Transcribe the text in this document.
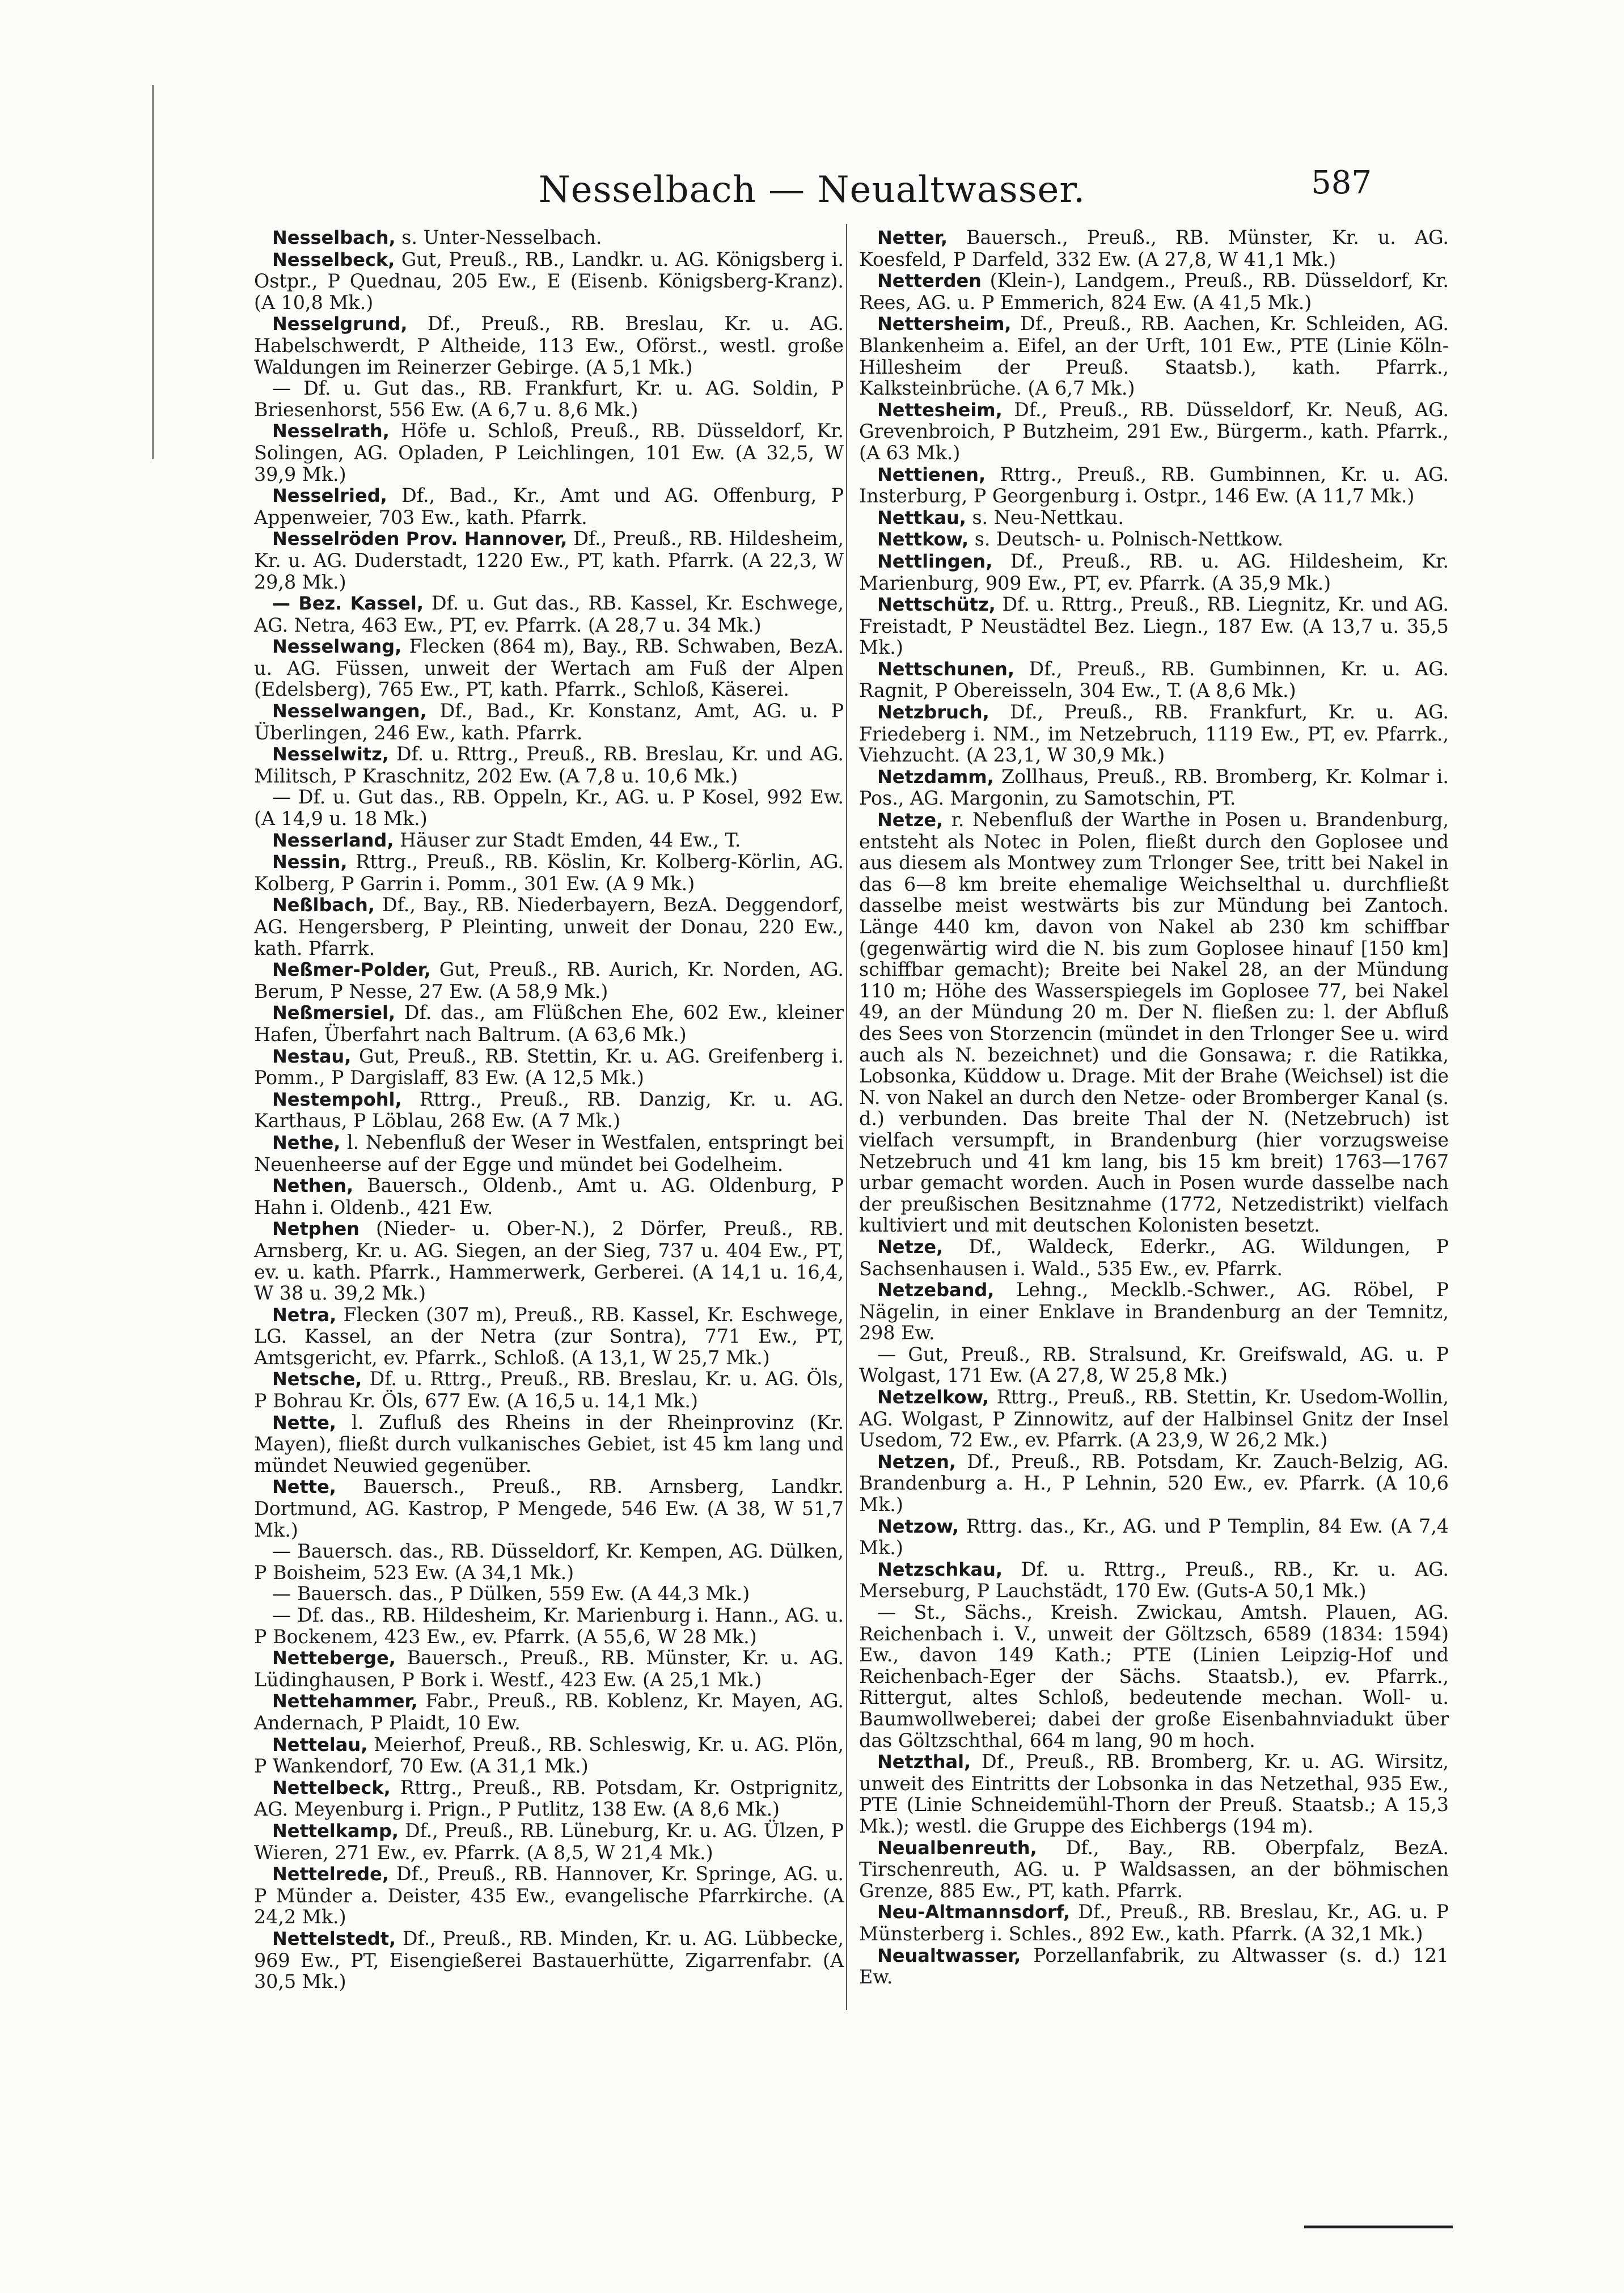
Nesselbach — Neualtwasser.	587

Nesselbach, s. Unter-Nesselbach.

Nesselbeck, Gut, Preuß., RB., Landkr. u. AG. Königsberg i. Ostpr., P Quednau, 205 Ew., E (Eisenb. Königsberg-Kranz). (A 10,8 Mk.)

Nesselgrund, Df., Preuß., RB. Breslau, Kr. u. AG. Habelschwerdt, P Altheide, 113 Ew., Oförst., westl. große Waldungen im Reinerzer Gebirge. (A 5,1 Mk.)

— Df. u. Gut das., RB. Frankfurt, Kr. u. AG. Soldin, P Briesenhorst, 556 Ew. (A 6,7 u. 8,6 Mk.)

Nesselrath, Höfe u. Schloß, Preuß., RB. Düsseldorf, Kr. Solingen, AG. Opladen, P Leichlingen, 101 Ew. (A 32,5, W 39,9 Mk.)

Nesselried, Df., Bad., Kr., Amt und AG. Offenburg, P Appenweier, 703 Ew., kath. Pfarrk.

Nesselröden Prov. Hannover, Df., Preuß., RB. Hildesheim, Kr. u. AG. Duderstadt, 1220 Ew., PT, kath. Pfarrk. (A 22,3, W 29,8 Mk.)

— Bez. Kassel, Df. u. Gut das., RB. Kassel, Kr. Eschwege, AG. Netra, 463 Ew., PT, ev. Pfarrk. (A 28,7 u. 34 Mk.)

Nesselwang, Flecken (864 m), Bay., RB. Schwaben, BezA. u. AG. Füssen, unweit der Wertach am Fuß der Alpen (Edelsberg), 765 Ew., PT, kath. Pfarrk., Schloß, Käserei.

Nesselwangen, Df., Bad., Kr. Konstanz, Amt, AG. u. P Überlingen, 246 Ew., kath. Pfarrk.

Nesselwitz, Df. u. Rttrg., Preuß., RB. Breslau, Kr. und AG. Militsch, P Kraschnitz, 202 Ew. (A 7,8 u. 10,6 Mk.)

— Df. u. Gut das., RB. Oppeln, Kr., AG. u. P Kosel, 992 Ew. (A 14,9 u. 18 Mk.)

Nesserland, Häuser zur Stadt Emden, 44 Ew., T.

Nessin, Rttrg., Preuß., RB. Köslin, Kr. Kolberg-Körlin, AG. Kolberg, P Garrin i. Pomm., 301 Ew. (A 9 Mk.)

Neßlbach, Df., Bay., RB. Niederbayern, BezA. Deggendorf, AG. Hengersberg, P Pleinting, unweit der Donau, 220 Ew., kath. Pfarrk.

Neßmer-Polder, Gut, Preuß., RB. Aurich, Kr. Norden, AG. Berum, P Nesse, 27 Ew. (A 58,9 Mk.)

Neßmersiel, Df. das., am Flüßchen Ehe, 602 Ew., kleiner Hafen, Überfahrt nach Baltrum. (A 63,6 Mk.)

Nestau, Gut, Preuß., RB. Stettin, Kr. u. AG. Greifenberg i. Pomm., P Dargislaff, 83 Ew. (A 12,5 Mk.)

Nestempohl, Rttrg., Preuß., RB. Danzig, Kr. u. AG. Karthaus, P Löblau, 268 Ew. (A 7 Mk.)

Nethe, l. Nebenfluß der Weser in Westfalen, entspringt bei Neuenheerse auf der Egge und mündet bei Godelheim.

Nethen, Bauersch., Oldenb., Amt u. AG. Oldenburg, P Hahn i. Oldenb., 421 Ew.

Netphen (Nieder- u. Ober-N.), 2 Dörfer, Preuß., RB. Arnsberg, Kr. u. AG. Siegen, an der Sieg, 737 u. 404 Ew., PT, ev. u. kath. Pfarrk., Hammerwerk, Gerberei. (A 14,1 u. 16,4, W 38 u. 39,2 Mk.)

Netra, Flecken (307 m), Preuß., RB. Kassel, Kr. Eschwege, LG. Kassel, an der Netra (zur Sontra), 771 Ew., PT, Amtsgericht, ev. Pfarrk., Schloß. (A 13,1, W 25,7 Mk.)

Netsche, Df. u. Rttrg., Preuß., RB. Breslau, Kr. u. AG. Öls, P Bohrau Kr. Öls, 677 Ew. (A 16,5 u. 14,1 Mk.)

Nette, l. Zufluß des Rheins in der Rheinprovinz (Kr. Mayen), fließt durch vulkanisches Gebiet, ist 45 km lang und mündet Neuwied gegenüber.

Nette, Bauersch., Preuß., RB. Arnsberg, Landkr. Dortmund, AG. Kastrop, P Mengede, 546 Ew. (A 38, W 51,7 Mk.)

— Bauersch. das., RB. Düsseldorf, Kr. Kempen, AG. Dülken, P Boisheim, 523 Ew. (A 34,1 Mk.)

— Bauersch. das., P Dülken, 559 Ew. (A 44,3 Mk.)

— Df. das., RB. Hildesheim, Kr. Marienburg i. Hann., AG. u. P Bockenem, 423 Ew., ev. Pfarrk. (A 55,6, W 28 Mk.)

Netteberge, Bauersch., Preuß., RB. Münster, Kr. u. AG. Lüdinghausen, P Bork i. Westf., 423 Ew. (A 25,1 Mk.)

Nettehammer, Fabr., Preuß., RB. Koblenz, Kr. Mayen, AG. Andernach, P Plaidt, 10 Ew.

Nettelau, Meierhof, Preuß., RB. Schleswig, Kr. u. AG. Plön, P Wankendorf, 70 Ew. (A 31,1 Mk.)

Nettelbeck, Rttrg., Preuß., RB. Potsdam, Kr. Ostprignitz, AG. Meyenburg i. Prign., P Putlitz, 138 Ew. (A 8,6 Mk.)

Nettelkamp, Df., Preuß., RB. Lüneburg, Kr. u. AG. Ülzen, P Wieren, 271 Ew., ev. Pfarrk. (A 8,5, W 21,4 Mk.)

Nettelrede, Df., Preuß., RB. Hannover, Kr. Springe, AG. u. P Münder a. Deister, 435 Ew., evangelische Pfarrkirche. (A 24,2 Mk.)

Nettelstedt, Df., Preuß., RB. Minden, Kr. u. AG. Lübbecke, 969 Ew., PT, Eisengießerei Bastauerhütte, Zigarrenfabr. (A 30,5 Mk.)

Netter, Bauersch., Preuß., RB. Münster, Kr. u. AG. Koesfeld, P Darfeld, 332 Ew. (A 27,8, W 41,1 Mk.)

Netterden (Klein-), Landgem., Preuß., RB. Düsseldorf, Kr. Rees, AG. u. P Emmerich, 824 Ew. (A 41,5 Mk.)

Nettersheim, Df., Preuß., RB. Aachen, Kr. Schleiden, AG. Blankenheim a. Eifel, an der Urft, 101 Ew., PTE (Linie Köln-Hillesheim der Preuß. Staatsb.), kath. Pfarrk., Kalksteinbrüche. (A 6,7 Mk.)

Nettesheim, Df., Preuß., RB. Düsseldorf, Kr. Neuß, AG. Grevenbroich, P Butzheim, 291 Ew., Bürgerm., kath. Pfarrk., (A 63 Mk.)

Nettienen, Rttrg., Preuß., RB. Gumbinnen, Kr. u. AG. Insterburg, P Georgenburg i. Ostpr., 146 Ew. (A 11,7 Mk.)

Nettkau, s. Neu-Nettkau.

Nettkow, s. Deutsch- u. Polnisch-Nettkow.

Nettlingen, Df., Preuß., RB. u. AG. Hildesheim, Kr. Marienburg, 909 Ew., PT, ev. Pfarrk. (A 35,9 Mk.)

Nettschütz, Df. u. Rttrg., Preuß., RB. Liegnitz, Kr. und AG. Freistadt, P Neustädtel Bez. Liegn., 187 Ew. (A 13,7 u. 35,5 Mk.)

Nettschunen, Df., Preuß., RB. Gumbinnen, Kr. u. AG. Ragnit, P Obereisseln, 304 Ew., T. (A 8,6 Mk.)

Netzbruch, Df., Preuß., RB. Frankfurt, Kr. u. AG. Friedeberg i. NM., im Netzebruch, 1119 Ew., PT, ev. Pfarrk., Viehzucht. (A 23,1, W 30,9 Mk.)

Netzdamm, Zollhaus, Preuß., RB. Bromberg, Kr. Kolmar i. Pos., AG. Margonin, zu Samotschin, PT.

Netze, r. Nebenfluß der Warthe in Posen u. Brandenburg, entsteht als Notec in Polen, fließt durch den Goplosee und aus diesem als Montwey zum Trlonger See, tritt bei Nakel in das 6—8 km breite ehemalige Weichselthal u. durchfließt dasselbe meist westwärts bis zur Mündung bei Zantoch. Länge 440 km, davon von Nakel ab 230 km schiffbar (gegenwärtig wird die N. bis zum Goplosee hinauf [150 km] schiffbar gemacht); Breite bei Nakel 28, an der Mündung 110 m; Höhe des Wasserspiegels im Goplosee 77, bei Nakel 49, an der Mündung 20 m. Der N. fließen zu: l. der Abfluß des Sees von Storzencin (mündet in den Trlonger See u. wird auch als N. bezeichnet) und die Gonsawa; r. die Ratikka, Lobsonka, Küddow u. Drage. Mit der Brahe (Weichsel) ist die N. von Nakel an durch den Netze- oder Bromberger Kanal (s. d.) verbunden. Das breite Thal der N. (Netzebruch) ist vielfach versumpft, in Brandenburg (hier vorzugsweise Netzebruch und 41 km lang, bis 15 km breit) 1763—1767 urbar gemacht worden. Auch in Posen wurde dasselbe nach der preußischen Besitznahme (1772, Netzedistrikt) vielfach kultiviert und mit deutschen Kolonisten besetzt.

Netze, Df., Waldeck, Ederkr., AG. Wildungen, P Sachsenhausen i. Wald., 535 Ew., ev. Pfarrk.

Netzeband, Lehng., Mecklb.-Schwer., AG. Röbel, P Nägelin, in einer Enklave in Brandenburg an der Temnitz, 298 Ew.

— Gut, Preuß., RB. Stralsund, Kr. Greifswald, AG. u. P Wolgast, 171 Ew. (A 27,8, W 25,8 Mk.)

Netzelkow, Rttrg., Preuß., RB. Stettin, Kr. Usedom-Wollin, AG. Wolgast, P Zinnowitz, auf der Halbinsel Gnitz der Insel Usedom, 72 Ew., ev. Pfarrk. (A 23,9, W 26,2 Mk.)

Netzen, Df., Preuß., RB. Potsdam, Kr. Zauch-Belzig, AG. Brandenburg a. H., P Lehnin, 520 Ew., ev. Pfarrk. (A 10,6 Mk.)

Netzow, Rttrg. das., Kr., AG. und P Templin, 84 Ew. (A 7,4 Mk.)

Netzschkau, Df. u. Rttrg., Preuß., RB., Kr. u. AG. Merseburg, P Lauchstädt, 170 Ew. (Guts-A 50,1 Mk.)

— St., Sächs., Kreish. Zwickau, Amtsh. Plauen, AG. Reichenbach i. V., unweit der Göltzsch, 6589 (1834: 1594) Ew., davon 149 Kath.; PTE (Linien Leipzig-Hof und Reichenbach-Eger der Sächs. Staatsb.), ev. Pfarrk., Rittergut, altes Schloß, bedeutende mechan. Woll- u. Baumwollweberei; dabei der große Eisenbahnviadukt über das Göltzschthal, 664 m lang, 90 m hoch.

Netzthal, Df., Preuß., RB. Bromberg, Kr. u. AG. Wirsitz, unweit des Eintritts der Lobsonka in das Netzethal, 935 Ew., PTE (Linie Schneidemühl-Thorn der Preuß. Staatsb.; A 15,3 Mk.); westl. die Gruppe des Eichbergs (194 m).

Neualbenreuth, Df., Bay., RB. Oberpfalz, BezA. Tirschenreuth, AG. u. P Waldsassen, an der böhmischen Grenze, 885 Ew., PT, kath. Pfarrk.

Neu-Altmannsdorf, Df., Preuß., RB. Breslau, Kr., AG. u. P Münsterberg i. Schles., 892 Ew., kath. Pfarrk. (A 32,1 Mk.)

Neualtwasser, Porzellanfabrik, zu Altwasser (s. d.) 121 Ew.
